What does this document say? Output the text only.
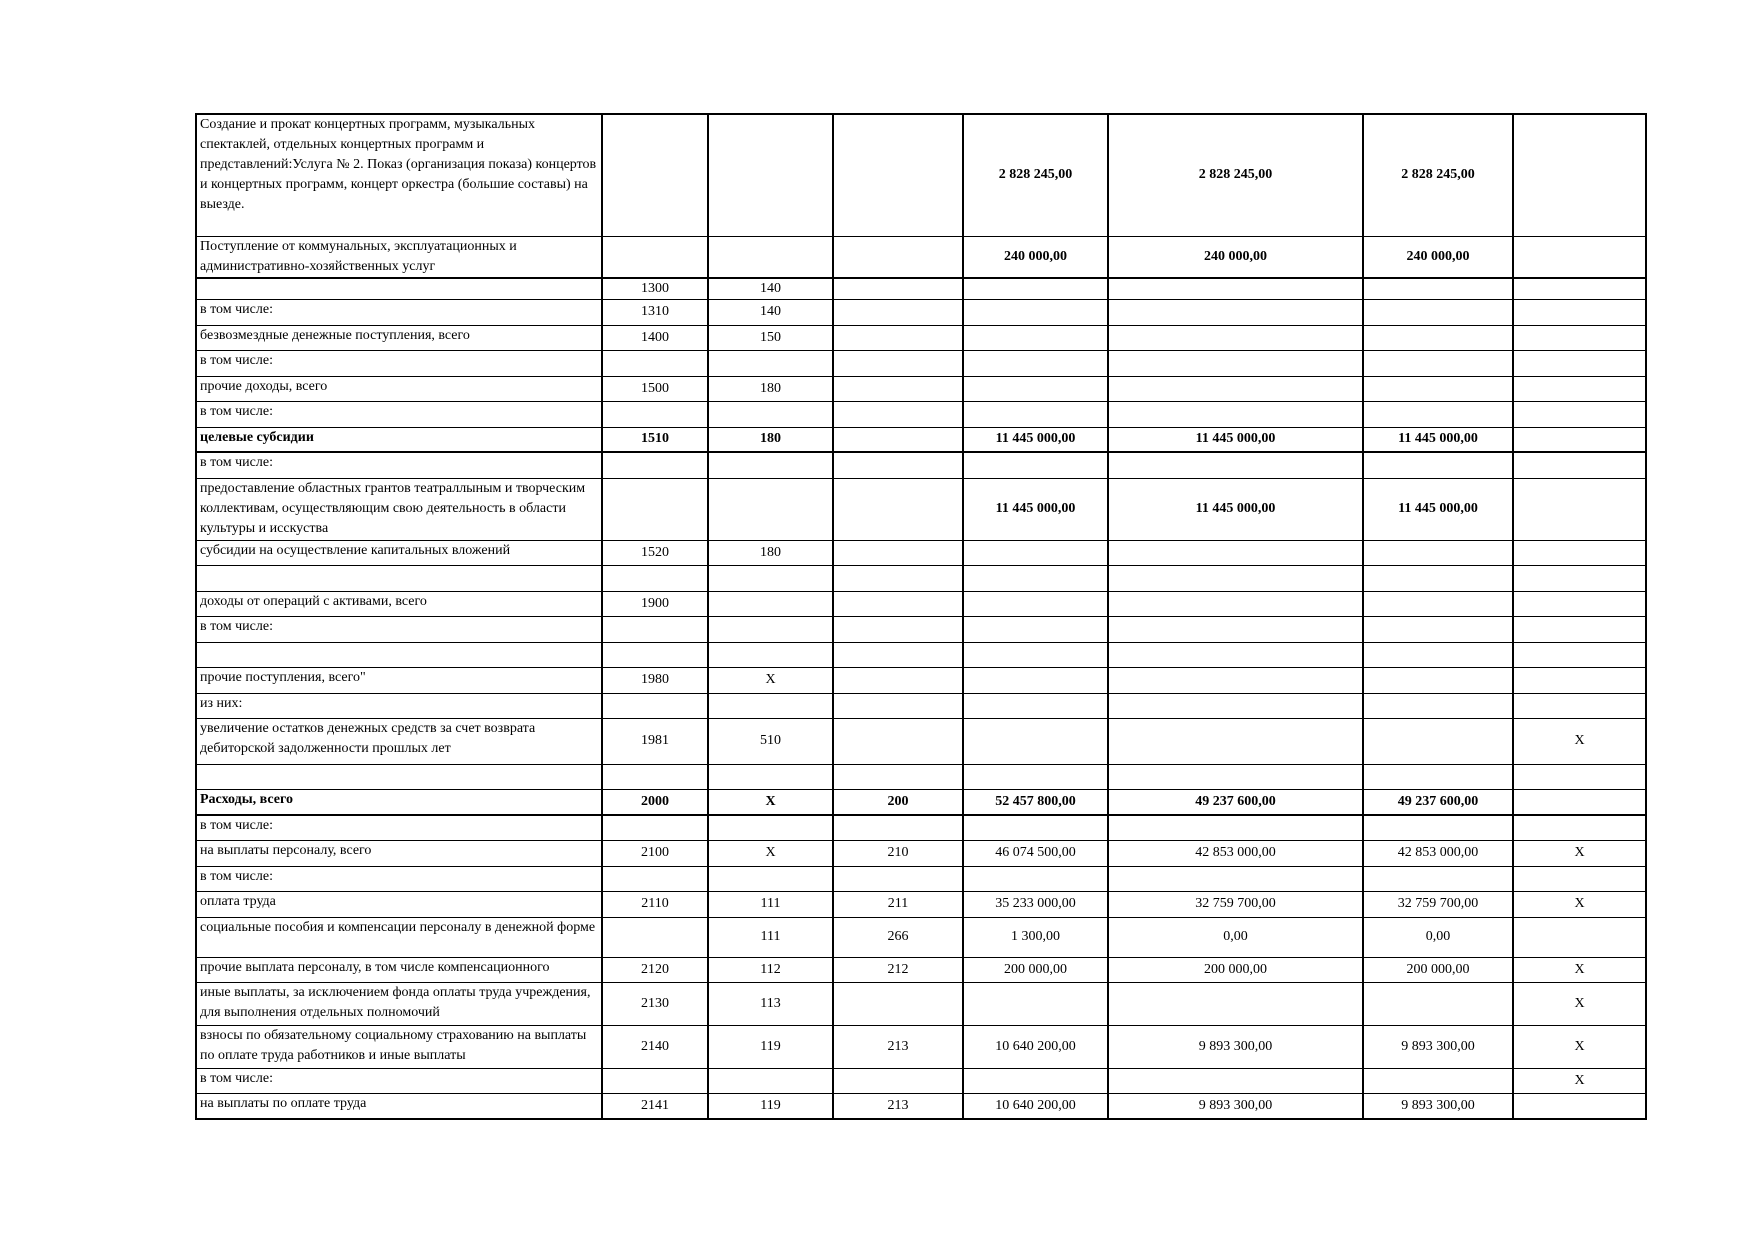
Создание и прокат концертных программ, музыкальных спектаклей, отдельных концертных программ и представлений:Услуга № 2. Показ (организация показа) концертов и концертных программ, концерт оркестра (большие составы) на выезде.				2 828 245,00	2 828 245,00	2 828 245,00	
Поступление от коммунальных, эксплуатационных и административно-хозяйственных услуг				240 000,00	240 000,00	240 000,00	
	1300	140					
в том числе:	1310	140					
безвозмездные денежные поступления, всего	1400	150					
в том числе:							
прочие доходы, всего	1500	180					
в том числе:							
целевые субсидии	1510	180		11 445 000,00	11 445 000,00	11 445 000,00	
в том числе:							
предоставление областных грантов театраллыным и творческим коллективам, осуществляющим свою деятельность в области культуры и исскуства				11 445 000,00	11 445 000,00	11 445 000,00	
субсидии на осуществление капитальных вложений	1520	180					

доходы от операций с активами, всего	1900						
в том числе:							

прочие поступления, всего"	1980	Х					
из них:							
увеличение остатков денежных средств за счет возврата дебиторской задолженности прошлых лет	1981	510					Х

Расходы, всего	2000	Х	200	52 457 800,00	49 237 600,00	49 237 600,00	
в том числе:							
на выплаты персоналу, всего	2100	Х	210	46 074 500,00	42 853 000,00	42 853 000,00	Х
в том числе:							
оплата труда	2110	111	211	35 233 000,00	32 759 700,00	32 759 700,00	Х
социальные пособия и компенсации персоналу в денежной форме		111	266	1 300,00	0,00	0,00	
прочие выплата персоналу, в том числе компенсационного	2120	112	212	200 000,00	200 000,00	200 000,00	Х
иные выплаты, за исключением фонда оплаты труда учреждения, для выполнения отдельных полномочий	2130	113					Х
взносы по обязательному социальному страхованию на выплаты по оплате труда работников и иные выплаты	2140	119	213	10 640 200,00	9 893 300,00	9 893 300,00	Х
в том числе:							Х
на выплаты по оплате труда	2141	119	213	10 640 200,00	9 893 300,00	9 893 300,00	
